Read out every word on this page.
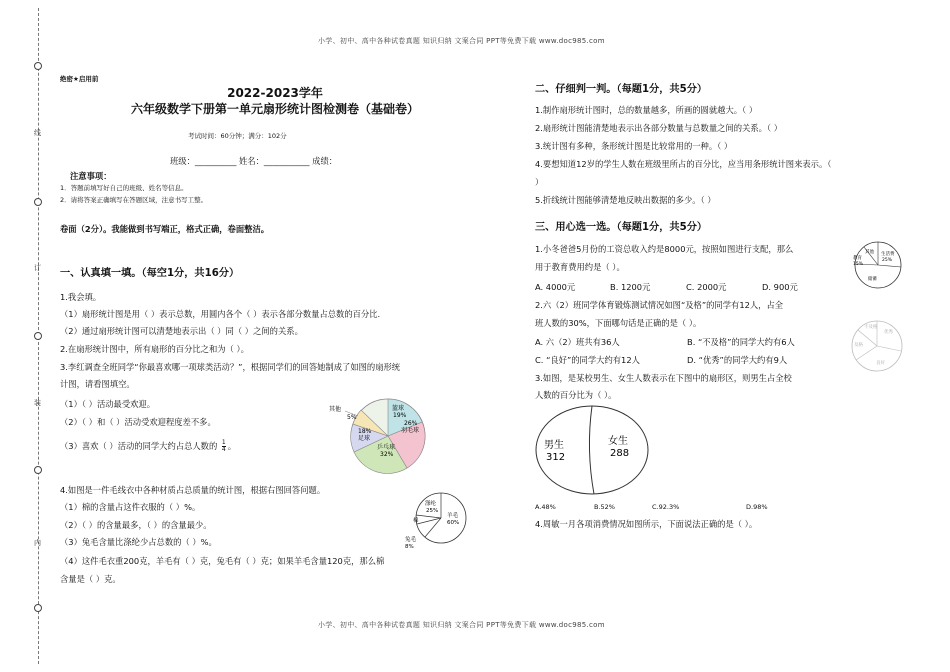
线
订
装
内
小学、初中、高中各种试卷真题 知识归纳 文案合同 PPT等免费下载 www.doc985.com
小学、初中、高中各种试卷真题 知识归纳 文案合同 PPT等免费下载 www.doc985.com
绝密★启用前
2022-2023学年
六年级数学下册第一单元扇形统计图检测卷（基础卷）
考试时间：60分钟；满分：102分
班级：__________ 姓名：___________ 成绩：
注意事项：
1．答题前填写好自己的班级、姓名等信息。
2．请将答案正确填写在答题区域，注意书写工整。
卷面（2分）。我能做到书写端正，格式正确，卷面整洁。
一、认真填一填。（每空1分，共16分）
1.我会填。
（1）扇形统计图是用（ ）表示总数，用圆内各个（ ）表示各部分数量占总数的百分比.
（2）通过扇形统计图可以清楚地表示出（ ）同（ ）之间的关系。
2.在扇形统计图中，所有扇形的百分比之和为（ ）。
3.李红调查全班同学“你最喜欢哪一项球类活动？”，根据同学们的回答她制成了如图的扇形统
计图，请看图填空。
（1）（ ）活动最受欢迎。
（2）（ ）和（ ）活动受欢迎程度差不多。
（3）喜欢（ ）活动的同学大约占总人数的 $\frac{1}{4}$ 。
其他
5%
篮球
19%
26%
羽毛球
乒乓球
32%
18%
足球
4.如图是一件毛线衣中各种材质占总质量的统计图，根据右图回答问题。
（1）棉的含量占这件衣服的（ ）%。
（2）（ ）的含量最多，（ ）的含量最少。
（3）兔毛含量比涤纶少占总数的（ ）%。
（4）这件毛衣重200克，羊毛有（ ）克，兔毛有（ ）克；如果羊毛含量120克，那么棉
含量是（ ）克。
涤纶
25%
羊毛
60%
棉
兔毛
8%
二、仔细判一判。（每题1分，共5分）
1.制作扇形统计图时，总的数量越多，所画的圆就越大。（ ）
2.扇形统计图能清楚地表示出各部分数量与总数量之间的关系。（ ）
3.统计图有多种，条形统计图是比较常用的一种。（ ）
4.要想知道12岁的学生人数在班级里所占的百分比，应当用条形统计图来表示。（
）
5.折线统计图能够清楚地反映出数据的多少。（ ）
三、用心选一选。（每题1分，共5分）
1.小冬爸爸5月份的工资总收入约是8000元，按照如图进行支配，那么
用于教育费用约是（ ）。
A. 4000元	B. 1200元	C. 2000元	D. 900元
其他
教育
15%
生活费
25%
储蓄
2.六（2）班同学体育锻炼测试情况如图“及格”的同学有12人，占全
班人数的30%，下面哪句话是正确的是（ ）。
A. 六（2）班共有36人	B. “不及格”的同学大约有6人
C. “良好”的同学大约有12人	D. “优秀”的同学大约有9人
优秀
及格
良好
不及格
3.如图，是某校男生、女生人数表示在下图中的扇形区，则男生占全校
人数的百分比为（ ）。
男生
312
女生
288
A.48%	B.52%	C.92.3%	D.98%
4.周敏一月各项消费情况如图所示，下面说法正确的是（ ）。
